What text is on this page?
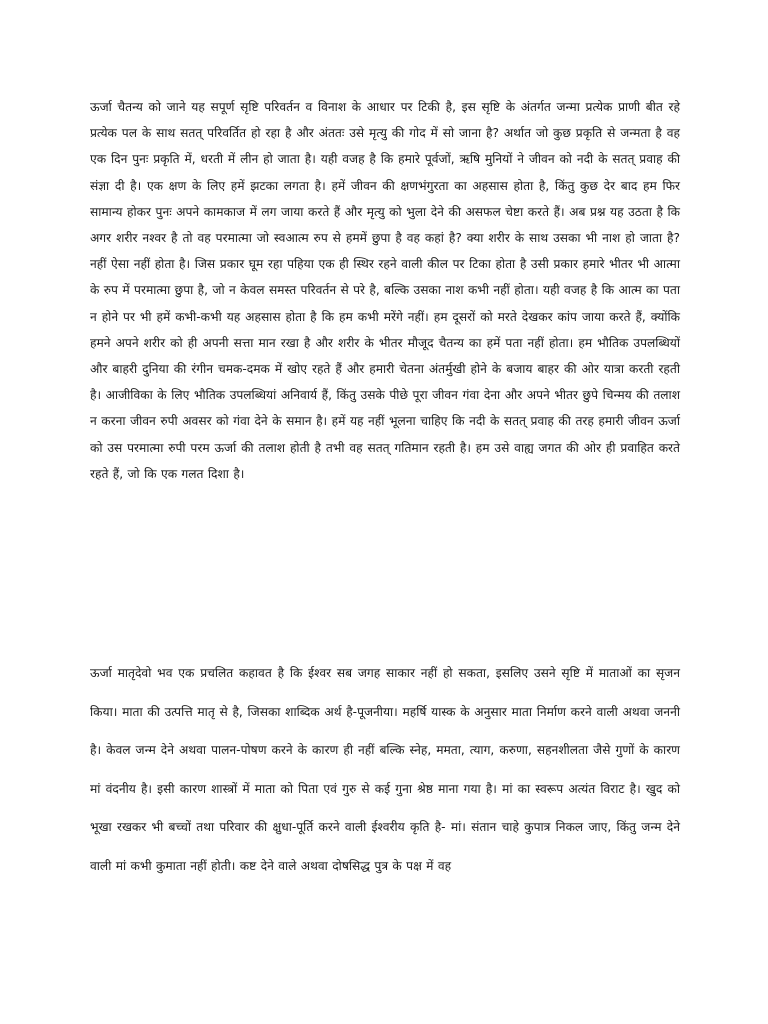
ऊर्जा चैतन्य को जाने यह सपूर्ण सृष्टि परिवर्तन व विनाश के आधार पर टिकी है, इस सृष्टि के अंतर्गत जन्मा प्रत्येक प्राणी बीत रहे प्रत्येक पल के साथ सतत् परिवर्तित हो रहा है और अंततः उसे मृत्यु की गोद में सो जाना है? अर्थात जो कुछ प्रकृति से जन्मता है वह एक दिन पुनः प्रकृति में, धरती में लीन हो जाता है। यही वजह है कि हमारे पूर्वजों, ऋषि मुनियों ने जीवन को नदी के सतत् प्रवाह की संज्ञा दी है। एक क्षण के लिए हमें झटका लगता है। हमें जीवन की क्षणभंगुरता का अहसास होता है, किंतु कुछ देर बाद हम फिर सामान्य होकर पुनः अपने कामकाज में लग जाया करते हैं और मृत्यु को भुला देने की असफल चेष्टा करते हैं। अब प्रश्न यह उठता है कि अगर शरीर नश्वर है तो वह परमात्मा जो स्वआत्म रुप से हममें छुपा है वह कहां है? क्या शरीर के साथ उसका भी नाश हो जाता है? नहीं ऐसा नहीं होता है। जिस प्रकार घूम रहा पहिया एक ही स्थिर रहने वाली कील पर टिका होता है उसी प्रकार हमारे भीतर भी आत्मा के रुप में परमात्मा छुपा है, जो न केवल समस्त परिवर्तन से परे है, बल्कि उसका नाश कभी नहीं होता। यही वजह है कि आत्म का पता न होने पर भी हमें कभी-कभी यह अहसास होता है कि हम कभी मरेंगे नहीं। हम दूसरों को मरते देखकर कांप जाया करते हैं, क्योंकि हमने अपने शरीर को ही अपनी सत्ता मान रखा है और शरीर के भीतर मौजूद चैतन्य का हमें पता नहीं होता। हम भौतिक उपलब्धियों और बाहरी दुनिया की रंगीन चमक-दमक में खोए रहते हैं और हमारी चेतना अंतर्मुखी होने के बजाय बाहर की ओर यात्रा करती रहती है। आजीविका के लिए भौतिक उपलब्धियां अनिवार्य हैं, किंतु उसके पीछे पूरा जीवन गंवा देना और अपने भीतर छुपे चिन्मय की तलाश न करना जीवन रुपी अवसर को गंवा देने के समान है। हमें यह नहीं भूलना चाहिए कि नदी के सतत् प्रवाह की तरह हमारी जीवन ऊर्जा को उस परमात्मा रुपी परम ऊर्जा की तलाश होती है तभी वह सतत् गतिमान रहती है। हम उसे वाह्य जगत की ओर ही प्रवाहित करते रहते हैं, जो कि एक गलत दिशा है।

ऊर्जा मातृदेवो भव एक प्रचलित कहावत है कि ईश्वर सब जगह साकार नहीं हो सकता, इसलिए उसने सृष्टि में माताओं का सृजन किया। माता की उत्पत्ति मातृ से है, जिसका शाब्दिक अर्थ है-पूजनीया। महर्षि यास्क के अनुसार माता निर्माण करने वाली अथवा जननी है। केवल जन्म देने अथवा पालन-पोषण करने के कारण ही नहीं बल्कि स्नेह, ममता, त्याग, करुणा, सहनशीलता जैसे गुणों के कारण मां वंदनीय है। इसी कारण शास्त्रों में माता को पिता एवं गुरु से कई गुना श्रेष्ठ माना गया है। मां का स्वरूप अत्यंत विराट है। खुद को भूखा रखकर भी बच्चों तथा परिवार की क्षुधा-पूर्ति करने वाली ईश्वरीय कृति है- मां। संतान चाहे कुपात्र निकल जाए, किंतु जन्म देने वाली मां कभी कुमाता नहीं होती। कष्ट देने वाले अथवा दोषसिद्ध पुत्र के पक्ष में वह
